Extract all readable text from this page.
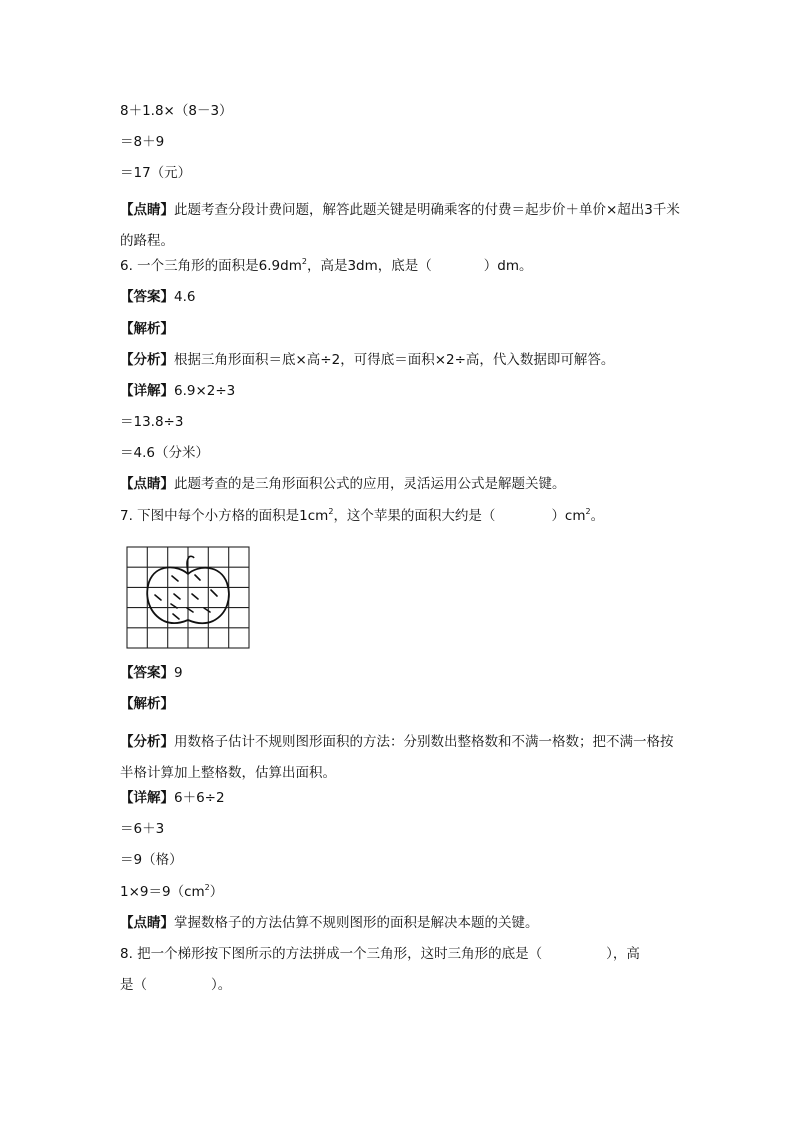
8＋1.8×（8－3）
＝8＋9
＝17（元）
【点睛】此题考查分段计费问题，解答此题关键是明确乘客的付费＝起步价＋单价×超出3千米的路程。
6. 一个三角形的面积是$6.9dm^2$，高是3dm，底是（	）dm。
【答案】4.6
【解析】
【分析】根据三角形面积＝底×高÷2，可得底＝面积×2÷高，代入数据即可解答。
【详解】6.9×2÷3
＝13.8÷3
＝4.6（分米）
【点睛】此题考查的是三角形面积公式的应用，灵活运用公式是解题关键。
7. 下图中每个小方格的面积是$1cm^2$，这个苹果的面积大约是（	）$cm^2$。
【答案】9
【解析】
【分析】用数格子估计不规则图形面积的方法：分别数出整格数和不满一格数；把不满一格按半格计算加上整格数，估算出面积。
【详解】6＋6÷2
＝6＋3
＝9（格）
$1\times 9=9(cm^2)$
【点睛】掌握数格子的方法估算不规则图形的面积是解决本题的关键。
8. 把一个梯形按下图所示的方法拼成一个三角形，这时三角形的底是（	），高
是（	）。
